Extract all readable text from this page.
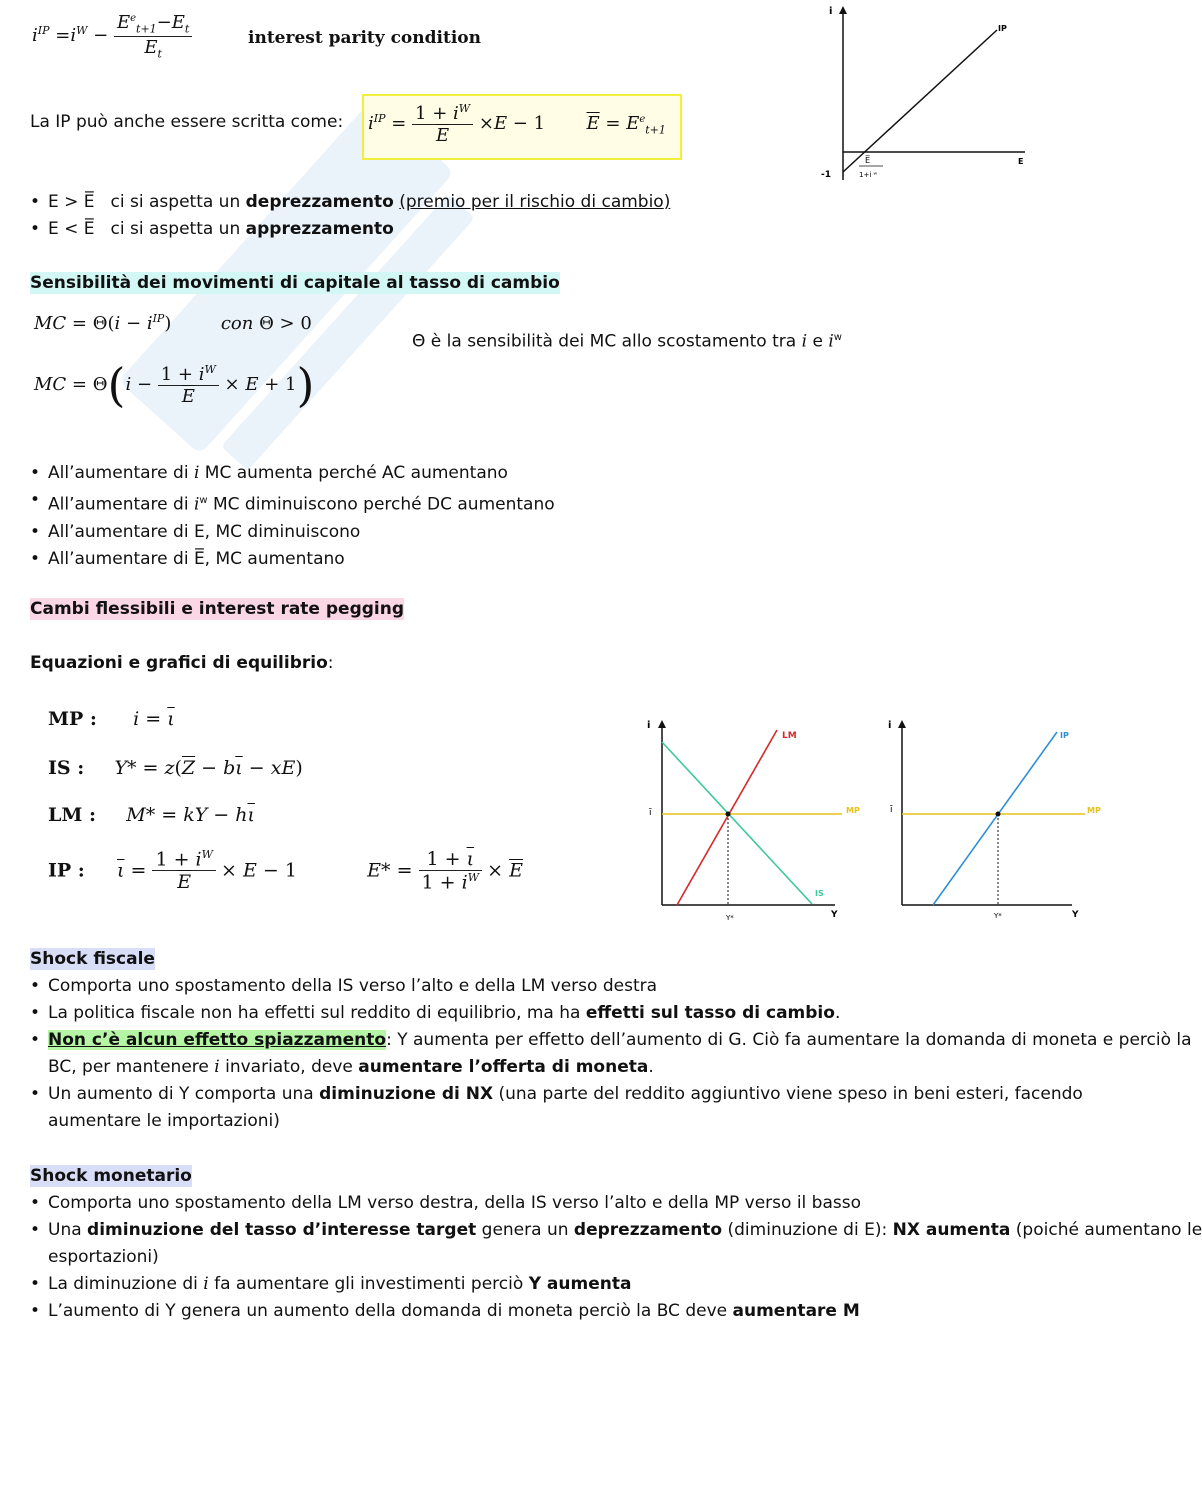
$i^{IP} =i^W - \frac{E^e_{t+1}-E_t}{E_t}$	interest parity condition
La IP può anche essere scritta come: $i^{IP} = \frac{1 + i^W}{E} \times E - 1$ $\overline{E} = E^e_{t+1}$
i
E
IP
-1
E̅
1+i ʷ
• E > E̅ ci si aspetta un deprezzamento (premio per il rischio di cambio)
• E < E̅ ci si aspetta un apprezzamento
Sensibilità dei movimenti di capitale al tasso di cambio
MC = $\Theta(i - i^{IP})$	con Θ > 0
Θ è la sensibilità dei MC allo scostamento tra i e $i^w$
MC = $\Theta(i - \frac{1 + i^W}{E} \times E + 1)$
• All’aumentare di i MC aumenta perché AC aumentano
• All’aumentare di $i^w$ MC diminuiscono perché DC aumentano
• All’aumentare di E, MC diminuiscono
• All’aumentare di E̅, MC aumentano
Cambi flessibili e interest rate pegging
Equazioni e grafici di equilibrio:
MP : $i = \overline{\iota}$
IS : $Y* = z(\overline{Z} - b\overline{\iota} - xE)$
LM : M* = kY − $h\overline{\iota}$
IP : $\overline{\iota} = \frac{1 + i^W}{E} \times E - 1$	$E* = \frac{1 + \overline{\iota}}{1 + i^W} \times \overline{E}$
i
ī
LM
MP
IS
Y*	Y
i
ī
IP
MP
Y*	Y
Shock fiscale
• Comporta uno spostamento della IS verso l’alto e della LM verso destra
• La politica fiscale non ha effetti sul reddito di equilibrio, ma ha effetti sul tasso di cambio.
• Non c’è alcun effetto spiazzamento: Y aumenta per effetto dell’aumento di G. Ciò fa aumentare la domanda di moneta e perciò la
BC, per mantenere i invariato, deve aumentare l’offerta di moneta.
• Un aumento di Y comporta una diminuzione di NX (una parte del reddito aggiuntivo viene speso in beni esteri, facendo
aumentare le importazioni)
Shock monetario
• Comporta uno spostamento della LM verso destra, della IS verso l’alto e della MP verso il basso
• Una diminuzione del tasso d’interesse target genera un deprezzamento (diminuzione di E): NX aumenta (poiché aumentano le
esportazioni)
• La diminuzione di i fa aumentare gli investimenti perciò Y aumenta
• L’aumento di Y genera un aumento della domanda di moneta perciò la BC deve aumentare M
